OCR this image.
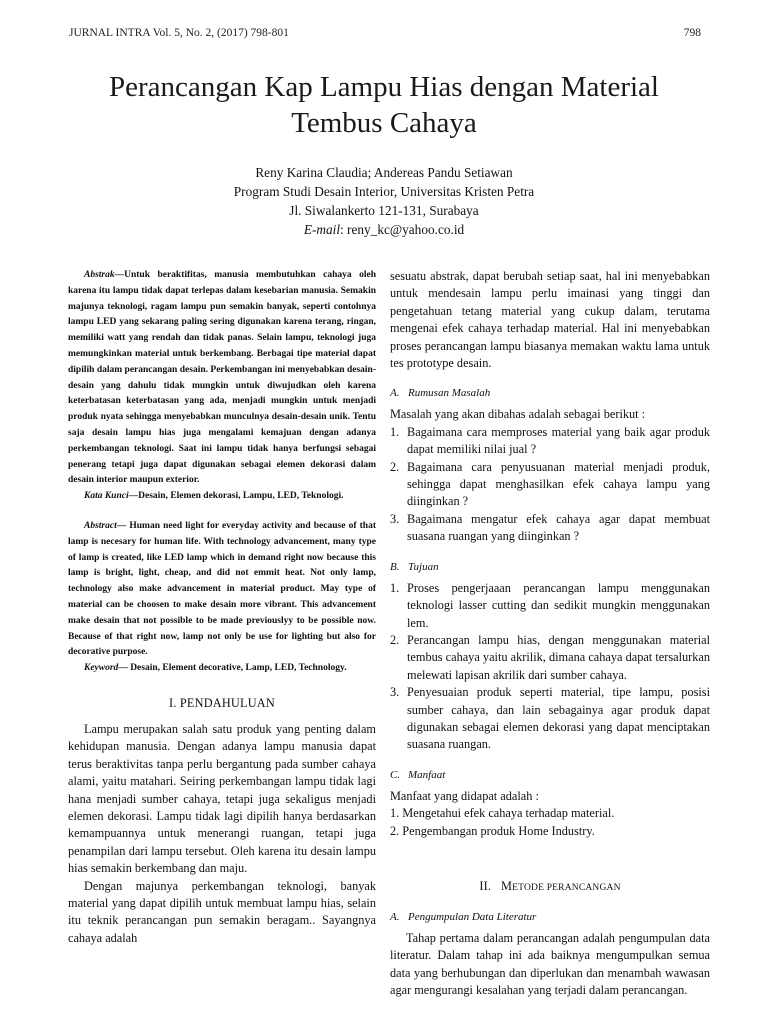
JURNAL INTRA Vol. 5, No. 2, (2017) 798-801	798
Perancangan Kap Lampu Hias dengan Material Tembus Cahaya
Reny Karina Claudia; Andereas Pandu Setiawan
Program Studi Desain Interior, Universitas Kristen Petra
Jl. Siwalankerto 121-131, Surabaya
E-mail: reny_kc@yahoo.co.id

Abstrak—Untuk beraktifitas, manusia membutuhkan cahaya oleh karena itu lampu tidak dapat terlepas dalam kesebarian manusia. Semakin majunya teknologi, ragam lampu pun semakin banyak, seperti contohnya lampu LED yang sekarang paling sering digunakan karena terang, ringan, memiliki watt yang rendah dan tidak panas. Selain lampu, teknologi juga memungkinkan material untuk berkembang. Berbagai tipe material dapat dipilih dalam perancangan desain. Perkembangan ini menyebabkan desain-desain yang dahulu tidak mungkin untuk diwujudkan oleh karena keterbatasan keterbatasan yang ada, menjadi mungkin untuk menjadi produk nyata sehingga menyebabkan munculnya desain-desain unik. Tentu saja desain lampu hias juga mengalami kemajuan dengan adanya perkembangan teknologi. Saat ini lampu tidak hanya berfungsi sebagai penerang tetapi juga dapat digunakan sebagai elemen dekorasi dalam desain interior maupun exterior.

Kata Kunci—Desain, Elemen dekorasi, Lampu, LED, Teknologi.

Abstract— Human need light for everyday activity and because of that lamp is necesary for human life. With technology advancement, many type of lamp is created, like LED lamp which in demand right now because this lamp is bright, light, cheap, and did not emmit heat. Not only lamp, technology also make advancement in material product. May type of material can be choosen to make desain more vibrant. This advancement make desain that not possible to be made previouslyy to be possible now. Because of that right now, lamp not only be use for lighting but also for decorative purpose.

Keyword— Desain, Element decorative, Lamp, LED, Technology.

I. PENDAHULUAN

Lampu merupakan salah satu produk yang penting dalam kehidupan manusia. Dengan adanya lampu manusia dapat terus beraktivitas tanpa perlu bergantung pada sumber cahaya alami, yaitu matahari. Seiring perkembangan lampu tidak lagi hana menjadi sumber cahaya, tetapi juga sekaligus menjadi elemen dekorasi. Lampu tidak lagi dipilih hanya berdasarkan kemampuannya untuk menerangi ruangan, tetapi juga penampilan dari lampu tersebut. Oleh karena itu desain lampu hias semakin berkembang dan maju.

Dengan majunya perkembangan teknologi, banyak material yang dapat dipilih untuk membuat lampu hias, selain itu teknik perancangan pun semakin beragam.. Sayangnya cahaya adalah

sesuatu abstrak, dapat berubah setiap saat, hal ini menyebabkan untuk mendesain lampu perlu imainasi yang tinggi dan pengetahuan tetang material yang cukup dalam, terutama mengenai efek cahaya terhadap material. Hal ini menyebabkan proses perancangan lampu biasanya memakan waktu lama untuk tes prototype desain.

A. Rumusan Masalah

Masalah yang akan dibahas adalah sebagai berikut :

1. Bagaimana cara memproses material yang baik agar produk dapat memiliki nilai jual ?
2. Bagaimana cara penyusuanan material menjadi produk, sehingga dapat menghasilkan efek cahaya lampu yang diinginkan ?
3. Bagaimana mengatur efek cahaya agar dapat membuat suasana ruangan yang diinginkan ?
B. Tujuan
1. Proses pengerjaaan perancangan lampu menggunakan teknologi lasser cutting dan sedikit mungkin menggunakan lem.
2. Perancangan lampu hias, dengan menggunakan material tembus cahaya yaitu akrilik, dimana cahaya dapat tersalurkan melewati lapisan akrilik dari sumber cahaya.
3. Penyesuaian produk seperti material, tipe lampu, posisi sumber cahaya, dan lain sebagainya agar produk dapat digunakan sebagai elemen dekorasi yang dapat menciptakan suasana ruangan.
C. Manfaat

Manfaat yang didapat adalah :

1. Mengetahui efek cahaya terhadap material.

2. Pengembangan produk Home Industry.

II. METODE PERANCANGAN
A. Pengumpulan Data Literatur

Tahap pertama dalam perancangan adalah pengumpulan data literatur. Dalam tahap ini ada baiknya mengumpulkan semua data yang berhubungan dan diperlukan dan menambah wawasan agar mengurangi kesalahan yang terjadi dalam perancangan.
